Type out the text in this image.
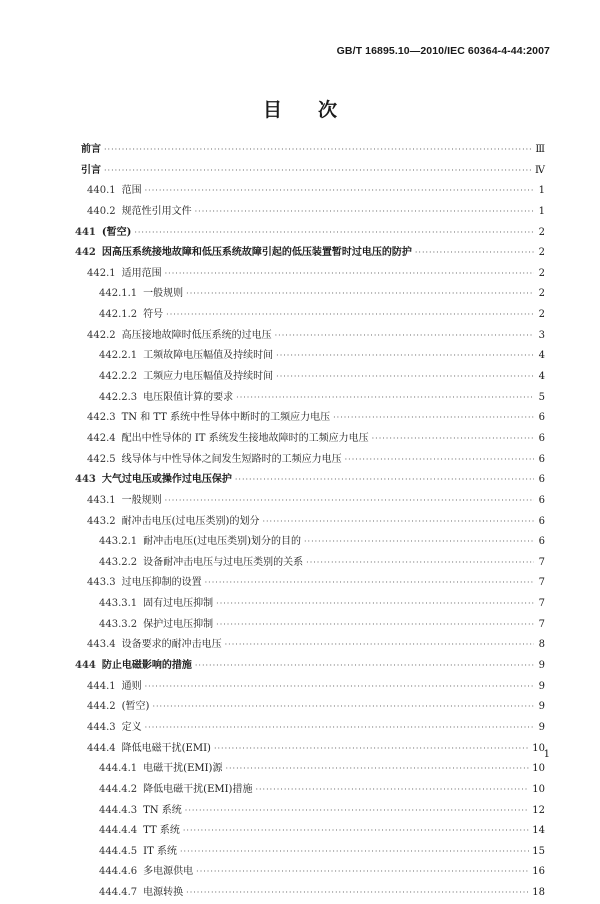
GB/T 16895.10—2010/IEC 60364-4-44:2007
目 次
前言 ·····	Ⅲ
引言 ·····	Ⅳ
440.1 范围 ·····	1
440.2 规范性引用文件 ·····	1
441 (暂空) ·····	2
442 因高压系统接地故障和低压系统故障引起的低压装置暂时过电压的防护 ·····	2
442.1 适用范围 ·····	2
442.1.1 一般规则 ·····	2
442.1.2 符号 ·····	2
442.2 高压接地故障时低压系统的过电压 ·····	3
442.2.1 工频故障电压幅值及持续时间 ·····	4
442.2.2 工频应力电压幅值及持续时间 ·····	4
442.2.3 电压限值计算的要求 ·····	5
442.3 TN 和 TT 系统中性导体中断时的工频应力电压 ·····	6
442.4 配出中性导体的 IT 系统发生接地故障时的工频应力电压 ·····	6
442.5 线导体与中性导体之间发生短路时的工频应力电压 ·····	6
443 大气过电压或操作过电压保护 ·····	6
443.1 一般规则 ·····	6
443.2 耐冲击电压(过电压类别)的划分 ·····	6
443.2.1 耐冲击电压(过电压类别)划分的目的 ·····	6
443.2.2 设备耐冲击电压与过电压类别的关系 ·····	7
443.3 过电压抑制的设置 ·····	7
443.3.1 固有过电压抑制 ·····	7
443.3.2 保护过电压抑制 ·····	7
443.4 设备要求的耐冲击电压 ·····	8
444 防止电磁影响的措施 ·····	9
444.1 通则 ·····	9
444.2 (暂空) ·····	9
444.3 定义 ·····	9
444.4 降低电磁干扰(EMI) ·····	10
444.4.1 电磁干扰(EMI)源 ·····	10
444.4.2 降低电磁干扰(EMI)措施 ·····	10
444.4.3 TN 系统 ·····	12
444.4.4 TT 系统 ·····	14
444.4.5 IT 系统 ·····	15
444.4.6 多电源供电 ·····	16
444.4.7 电源转换 ·····	18
1
